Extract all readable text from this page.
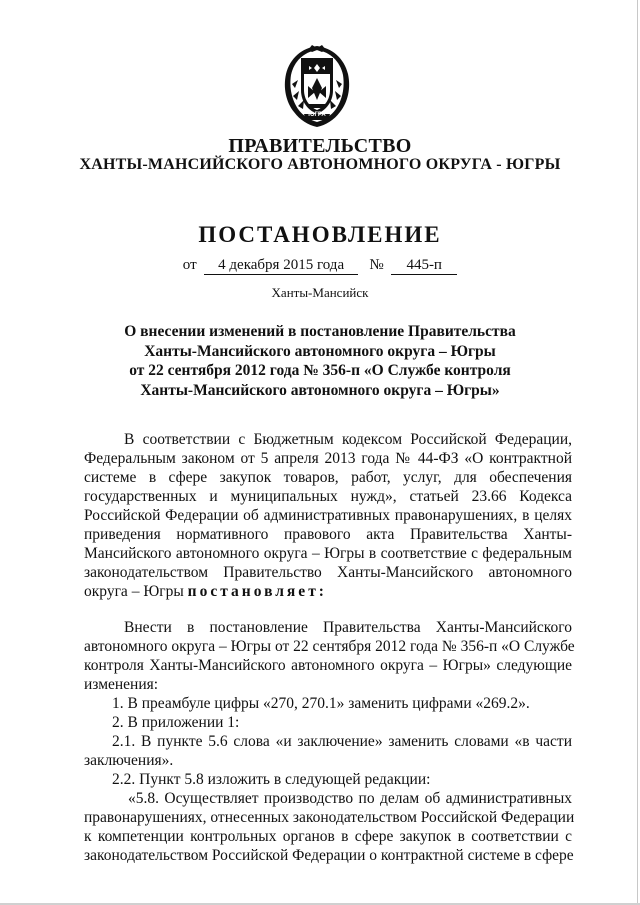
ЮГРА
ПРАВИТЕЛЬСТВО
ХАНТЫ-МАНСИЙСКОГО АВТОНОМНОГО ОКРУГА - ЮГРЫ
ПОСТАНОВЛЕНИЕ
от 4 декабря 2015 года № 445-п
Ханты-Мансийск
О внесении изменений в постановление Правительства
Ханты-Мансийского автономного округа – Югры
от 22 сентября 2012 года № 356-п «О Службе контроля
Ханты-Мансийского автономного округа – Югры»
В соответствии с Бюджетным кодексом Российской Федерации,
Федеральным законом от 5 апреля 2013 года № 44-ФЗ «О контрактной
системе в сфере закупок товаров, работ, услуг, для обеспечения
государственных и муниципальных нужд», статьей 23.66 Кодекса
Российской Федерации об административных правонарушениях, в целях
приведения нормативного правового акта Правительства Ханты-
Мансийского автономного округа – Югры в соответствие с федеральным
законодательством Правительство Ханты-Мансийского автономного
округа – Югры постановляет:
Внести в постановление Правительства Ханты-Мансийского
автономного округа – Югры от 22 сентября 2012 года № 356-п «О Службе
контроля Ханты-Мансийского автономного округа – Югры» следующие
изменения:
1. В преамбуле цифры «270, 270.1» заменить цифрами «269.2».
2. В приложении 1:
2.1. В пункте 5.6 слова «и заключение» заменить словами «в части
заключения».
2.2. Пункт 5.8 изложить в следующей редакции:
«5.8. Осуществляет производство по делам об административных
правонарушениях, отнесенных законодательством Российской Федерации
к компетенции контрольных органов в сфере закупок в соответствии с
законодательством Российской Федерации о контрактной системе в сфере
